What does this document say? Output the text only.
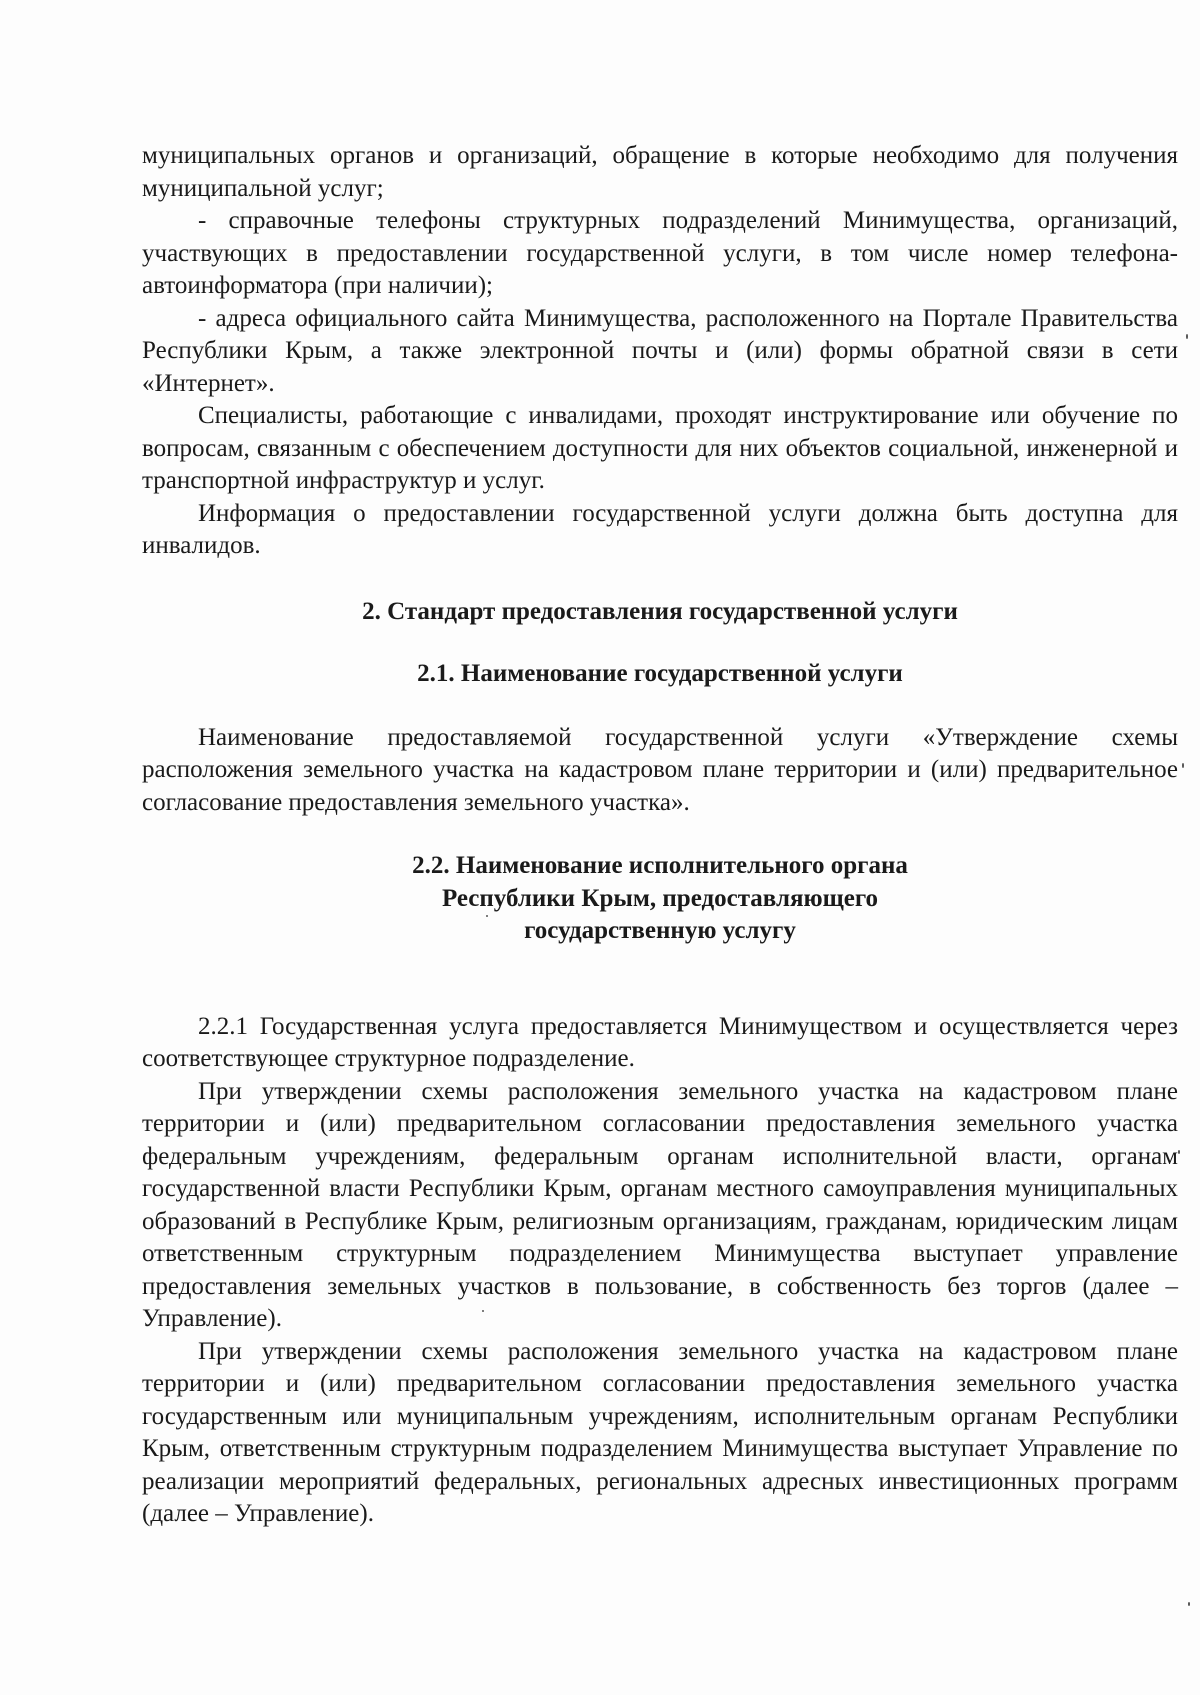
муниципальных органов и организаций, обращение в которые необходимо для получения муниципальной услуг;

- справочные телефоны структурных подразделений Минимущества, организаций, участвующих в предоставлении государственной услуги, в том числе номер телефона-автоинформатора (при наличии);

- адреса официального сайта Минимущества, расположенного на Портале Правительства Республики Крым, а также электронной почты и (или) формы обратной связи в сети «Интернет».

Специалисты, работающие с инвалидами, проходят инструктирование или обучение по вопросам, связанным с обеспечением доступности для них объектов социальной, инженерной и транспортной инфраструктур и услуг.

Информация о предоставлении государственной услуги должна быть доступна для инвалидов.

2. Стандарт предоставления государственной услуги

2.1. Наименование государственной услуги

Наименование предоставляемой государственной услуги «Утверждение схемы расположения земельного участка на кадастровом плане территории и (или) предварительное согласование предоставления земельного участка».

2.2. Наименование исполнительного органа

Республики Крым, предоставляющего

государственную услугу

2.2.1 Государственная услуга предоставляется Минимуществом и осуществляется через соответствующее структурное подразделение.

При утверждении схемы расположения земельного участка на кадастровом плане территории и (или) предварительном согласовании предоставления земельного участка федеральным учреждениям, федеральным органам исполнительной власти, органам государственной власти Республики Крым, органам местного самоуправления муниципальных образований в Республике Крым, религиозным организациям, гражданам, юридическим лицам ответственным структурным подразделением Минимущества выступает управление предоставления земельных участков в пользование, в собственность без торгов (далее – Управление).

При утверждении схемы расположения земельного участка на кадастровом плане территории и (или) предварительном согласовании предоставления земельного участка государственным или муниципальным учреждениям, исполнительным органам Республики Крым, ответственным структурным подразделением Минимущества выступает Управление по реализации мероприятий федеральных, региональных адресных инвестиционных программ (далее – Управление).
